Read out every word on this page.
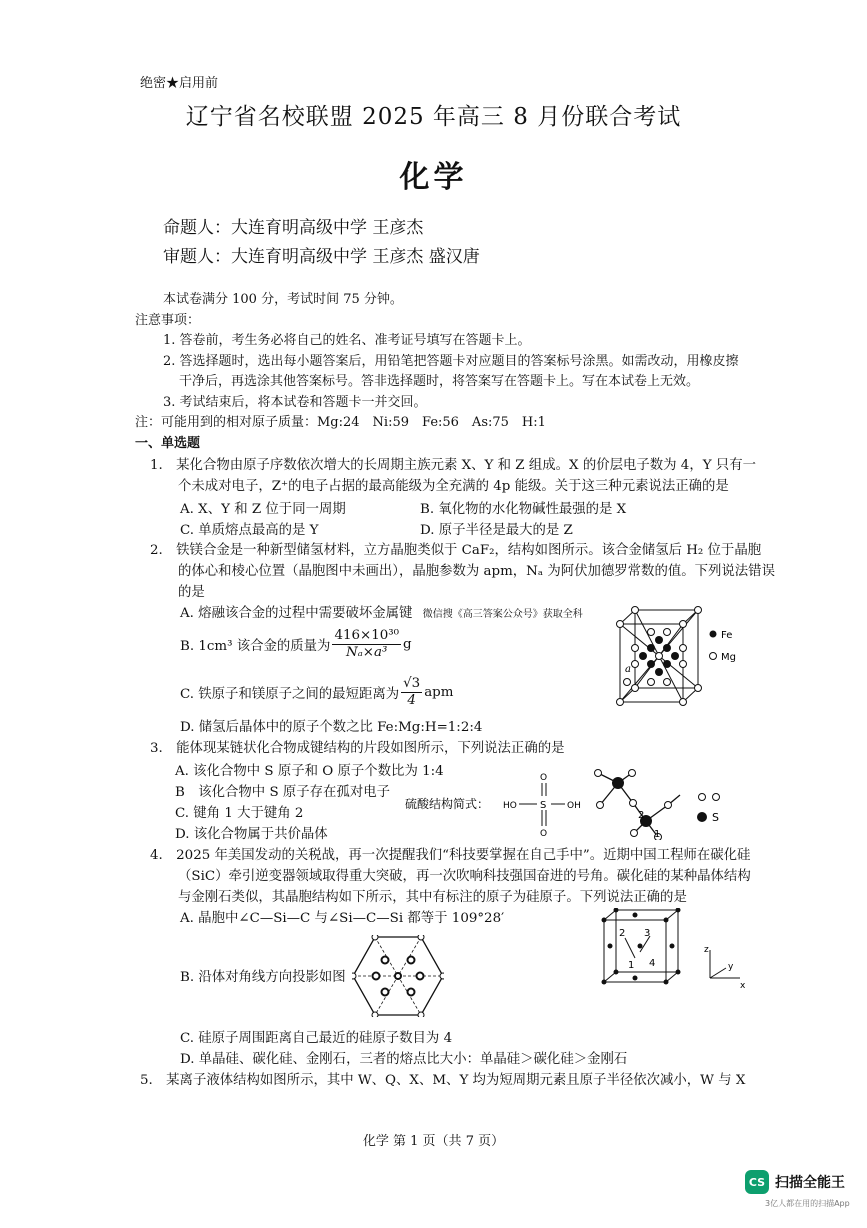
绝密★启用前
辽宁省名校联盟 2025 年高三 8 月份联合考试
化学
命题人：大连育明高级中学 王彦杰
审题人：大连育明高级中学 王彦杰 盛汉唐
本试卷满分 100 分，考试时间 75 分钟。
注意事项：
1. 答卷前，考生务必将自己的姓名、准考证号填写在答题卡上。
2. 答选择题时，选出每小题答案后，用铅笔把答题卡对应题目的答案标号涂黑。如需改动，用橡皮擦
干净后，再选涂其他答案标号。答非选择题时，将答案写在答题卡上。写在本试卷上无效。
3. 考试结束后，将本试卷和答题卡一并交回。
注：可能用到的相对原子质量：Mg:24　Ni:59　Fe:56　As:75　H:1
一、单选题
1.　某化合物由原子序数依次增大的长周期主族元素 X、Y 和 Z 组成。X 的价层电子数为 4，Y 只有一
个未成对电子，Z⁺的电子占据的最高能级为全充满的 4p 能级。关于这三种元素说法正确的是
A. X、Y 和 Z 位于同一周期	B. 氧化物的水化物碱性最强的是 X
C. 单质熔点最高的是 Y	D. 原子半径是最大的是 Z
2.　铁镁合金是一种新型储氢材料，立方晶胞类似于 CaF₂，结构如图所示。该合金储氢后 H₂ 位于晶胞
的体心和棱心位置（晶胞图中未画出），晶胞参数为 apm，Nₐ 为阿伏加德罗常数的值。下列说法错误
的是
A. 熔融该合金的过程中需要破坏金属键 微信搜《高三答案公众号》获取全科
B. 1cm³ 该合金的质量为 $\frac{\text{416×10³⁰}}{\text{Nₐ×a³}}$ g
C. 铁原子和镁原子之间的最短距离为 $\frac{√3}{4}$ apm
D. 储氢后晶体中的原子个数之比 Fe:Mg:H=1:2:4
a
Fe
Mg
3.　能体现某链状化合物成键结构的片段如图所示，下列说法正确的是
A. 该化合物中 S 原子和 O 原子个数比为 1:4
B　该化合物中 S 原子存在孤对电子
C. 键角 1 大于键角 2
D. 该化合物属于共价晶体
硫酸结构简式： HO S OH
O
O
2
1
S
4.　2025 年美国发动的关税战，再一次提醒我们“科技要掌握在自己手中”。近期中国工程师在碳化硅
（SiC）牵引逆变器领域取得重大突破，再一次吹响科技强国奋进的号角。碳化硅的某种晶体结构
与金刚石类似，其晶胞结构如下所示，其中有标注的原子为硅原子。下列说法正确的是
A. 晶胞中∠C—Si—C 与∠Si—C—Si 都等于 109°28′
B. 沿体对角线方向投影如图
C. 硅原子周围距离自己最近的硅原子数目为 4
D. 单晶硅、碳化硅、金刚石，三者的熔点比大小：单晶硅＞碳化硅＞金刚石
2 3
1 4
z
y
x
5.　某离子液体结构如图所示，其中 W、Q、X、M、Y 均为短周期元素且原子半径依次减小，W 与 X
化学 第 1 页（共 7 页）
CS 扫描全能王
3亿人都在用的扫描App
